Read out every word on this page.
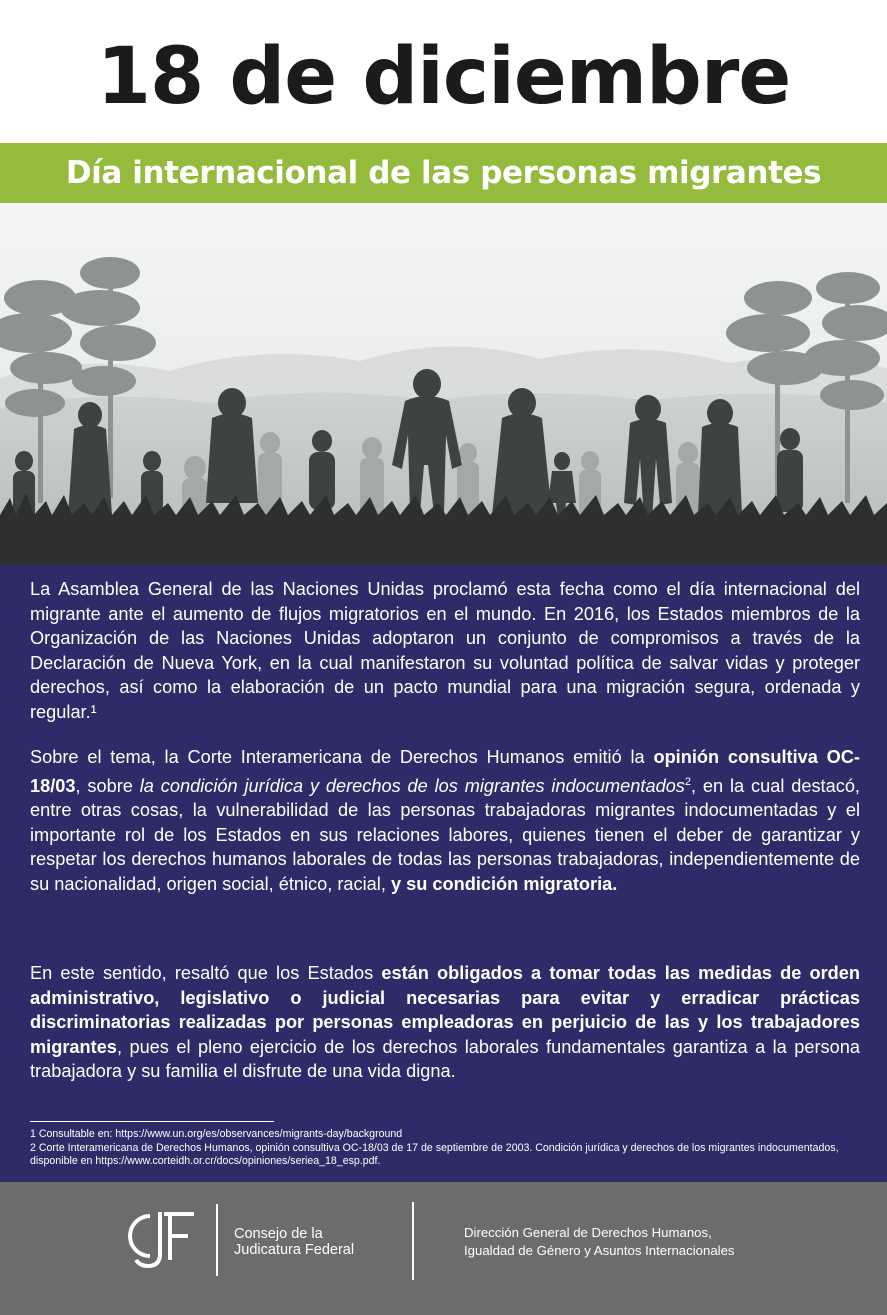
18 de diciembre
Día internacional de las personas migrantes
La Asamblea General de las Naciones Unidas proclamó esta fecha como el día internacional del migrante ante el aumento de flujos migratorios en el mundo. En 2016, los Estados miembros de la Organización de las Naciones Unidas adoptaron un conjunto de compromisos a través de la Declaración de Nueva York, en la cual manifestaron su voluntad política de salvar vidas y proteger derechos, así como la elaboración de un pacto mundial para una migración segura, ordenada y regular.¹
Sobre el tema, la Corte Interamericana de Derechos Humanos emitió la opinión consultiva OC-18/03, sobre la condición jurídica y derechos de los migrantes indocumentados$^2$, en la cual destacó, entre otras cosas, la vulnerabilidad de las personas trabajadoras migrantes indocumentadas y el importante rol de los Estados en sus relaciones labores, quienes tienen el deber de garantizar y respetar los derechos humanos laborales de todas las personas trabajadoras, independientemente de su nacionalidad, origen social, étnico, racial, y su condición migratoria.
En este sentido, resaltó que los Estados están obligados a tomar todas las medidas de orden administrativo, legislativo o judicial necesarias para evitar y erradicar prácticas discriminatorias realizadas por personas empleadoras en perjuicio de las y los trabajadores migrantes, pues el pleno ejercicio de los derechos laborales fundamentales garantiza a la persona trabajadora y su familia el disfrute de una vida digna.
1 Consultable en: https://www.un.org/es/observances/migrants-day/background
2 Corte Interamericana de Derechos Humanos, opinión consultiva OC-18/03 de 17 de septiembre de 2003. Condición jurídica y derechos de los migrantes indocumentados, disponible en https://www.corteidh.or.cr/docs/opiniones/seriea_18_esp.pdf.
Consejo de la
Judicatura Federal
Dirección General de Derechos Humanos,
Igualdad de Género y Asuntos Internacionales
